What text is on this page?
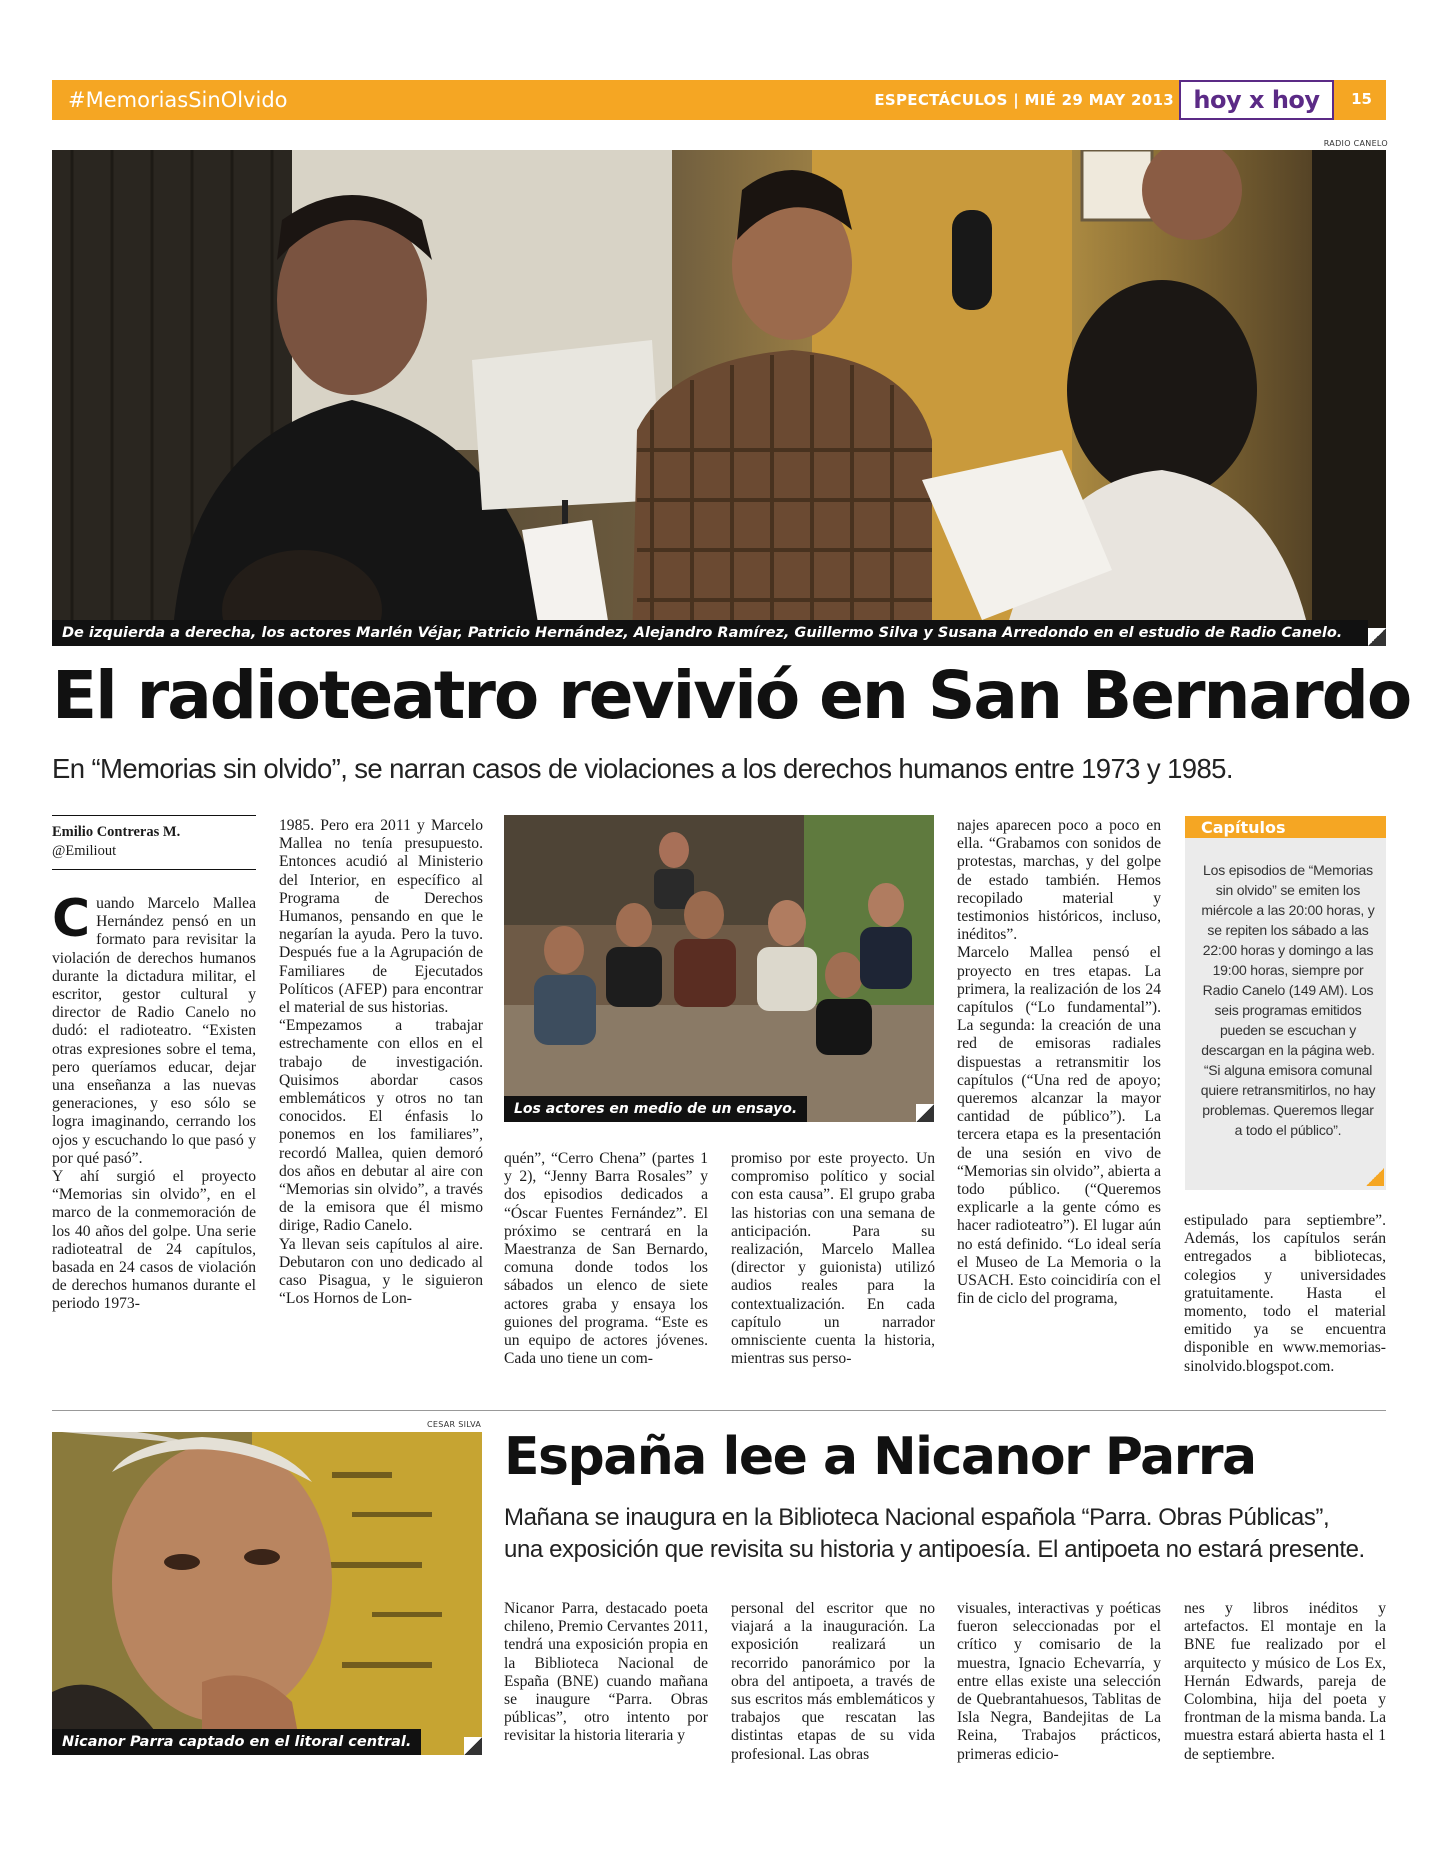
#MemoriasSinOlvido	ESPECTÁCULOS | MIÉ 29 MAY 2013 hoy x hoy	15
RADIO CANELO
De izquierda a derecha, los actores Marlén Véjar, Patricio Hernández, Alejandro Ramírez, Guillermo Silva y Susana Arredondo en el estudio de Radio Canelo.
El radioteatro revivió en San Bernardo
En “Memorias sin olvido”, se narran casos de violaciones a los derechos humanos entre 1973 y 1985.
Emilio Contreras M.
@Emiliout
C uando Marcelo Mallea Hernández pensó en un formato para revisitar la violación de derechos humanos durante la dictadura militar, el escritor, gestor cultural y director de Radio Canelo no dudó: el radioteatro. “Existen otras expresiones sobre el tema, pero queríamos educar, dejar una enseñanza a las nuevas generaciones, y eso sólo se logra imaginando, cerrando los ojos y escuchando lo que pasó y por qué pasó”.

Y ahí surgió el proyecto “Memorias sin olvido”, en el marco de la conmemoración de los 40 años del golpe. Una serie radioteatral de 24 capítulos, basada en 24 casos de violación de derechos humanos durante el periodo 1973-

1985. Pero era 2011 y Marcelo Mallea no tenía presupuesto. Entonces acudió al Ministerio del Interior, en específico al Programa de Derechos Humanos, pensando en que le negarían la ayuda. Pero la tuvo. Después fue a la Agrupación de Familiares de Ejecutados Políticos (AFEP) para encontrar el material de sus historias.

“Empezamos a trabajar estrechamente con ellos en el trabajo de investigación. Quisimos abordar casos emblemáticos y otros no tan conocidos. El énfasis lo ponemos en los familiares”, recordó Mallea, quien demoró dos años en debutar al aire con “Memorias sin olvido”, a través de la emisora que él mismo dirige, Radio Canelo.

Ya llevan seis capítulos al aire. Debutaron con uno dedicado al caso Pisagua, y le siguieron “Los Hornos de Lon-

Los actores en medio de un ensayo.

quén”, “Cerro Chena” (partes 1 y 2), “Jenny Barra Rosales” y dos episodios dedicados a “Óscar Fuentes Fernández”. El próximo se centrará en la Maestranza de San Bernardo, comuna donde todos los sábados un elenco de siete actores graba y ensaya los guiones del programa. “Este es un equipo de actores jóvenes. Cada uno tiene un com-

promiso por este proyecto. Un compromiso político y social con esta causa”. El grupo graba las historias con una semana de anticipación. Para su realización, Marcelo Mallea (director y guionista) utilizó audios reales para la contextualización. En cada capítulo un narrador omnisciente cuenta la historia, mientras sus perso-

najes aparecen poco a poco en ella. “Grabamos con sonidos de protestas, marchas, y del golpe de estado también. Hemos recopilado material y testimonios históricos, incluso, inéditos”.

Marcelo Mallea pensó el proyecto en tres etapas. La primera, la realización de los 24 capítulos (“Lo fundamental”). La segunda: la creación de una red de emisoras radiales dispuestas a retransmitir los capítulos (“Una red de apoyo; queremos alcanzar la mayor cantidad de público”). La tercera etapa es la presentación de una sesión en vivo de “Memorias sin olvido”, abierta a todo público. (“Queremos explicarle a la gente cómo es hacer radioteatro”). El lugar aún no está definido. “Lo ideal sería el Museo de La Memoria o la USACH. Esto coincidiría con el fin de ciclo del programa,

Capítulos
Los episodios de “Memorias sin olvido” se emiten los miércole a las 20:00 horas, y se repiten los sábado a las 22:00 horas y domingo a las 19:00 horas, siempre por Radio Canelo (149 AM). Los seis programas emitidos pueden se escuchan y descargan en la página web. “Si alguna emisora comunal quiere retransmitirlos, no hay problemas. Queremos llegar a todo el público”.

estipulado para septiembre”. Además, los capítulos serán entregados a bibliotecas, colegios y universidades gratuitamente. Hasta el momento, todo el material emitido ya se encuentra disponible en www.memorias-sinolvido.blogspot.com.

CESAR SILVA
Nicanor Parra captado en el litoral central.
España lee a Nicanor Parra
Mañana se inaugura en la Biblioteca Nacional española “Parra. Obras Públicas”,
una exposición que revisita su historia y antipoesía. El antipoeta no estará presente.

Nicanor Parra, destacado poeta chileno, Premio Cervantes 2011, tendrá una exposición propia en la Biblioteca Nacional de España (BNE) cuando mañana se inaugure “Parra. Obras públicas”, otro intento por revisitar la historia literaria y

personal del escritor que no viajará a la inauguración. La exposición realizará un recorrido panorámico por la obra del antipoeta, a través de sus escritos más emblemáticos y trabajos que rescatan las distintas etapas de su vida profesional. Las obras

visuales, interactivas y poéticas fueron seleccionadas por el crítico y comisario de la muestra, Ignacio Echevarría, y entre ellas existe una selección de Quebrantahuesos, Tablitas de Isla Negra, Bandejitas de La Reina, Trabajos prácticos, primeras edicio-

nes y libros inéditos y artefactos. El montaje en la BNE fue realizado por el arquitecto y músico de Los Ex, Hernán Edwards, pareja de Colombina, hija del poeta y frontman de la misma banda. La muestra estará abierta hasta el 1 de septiembre.
